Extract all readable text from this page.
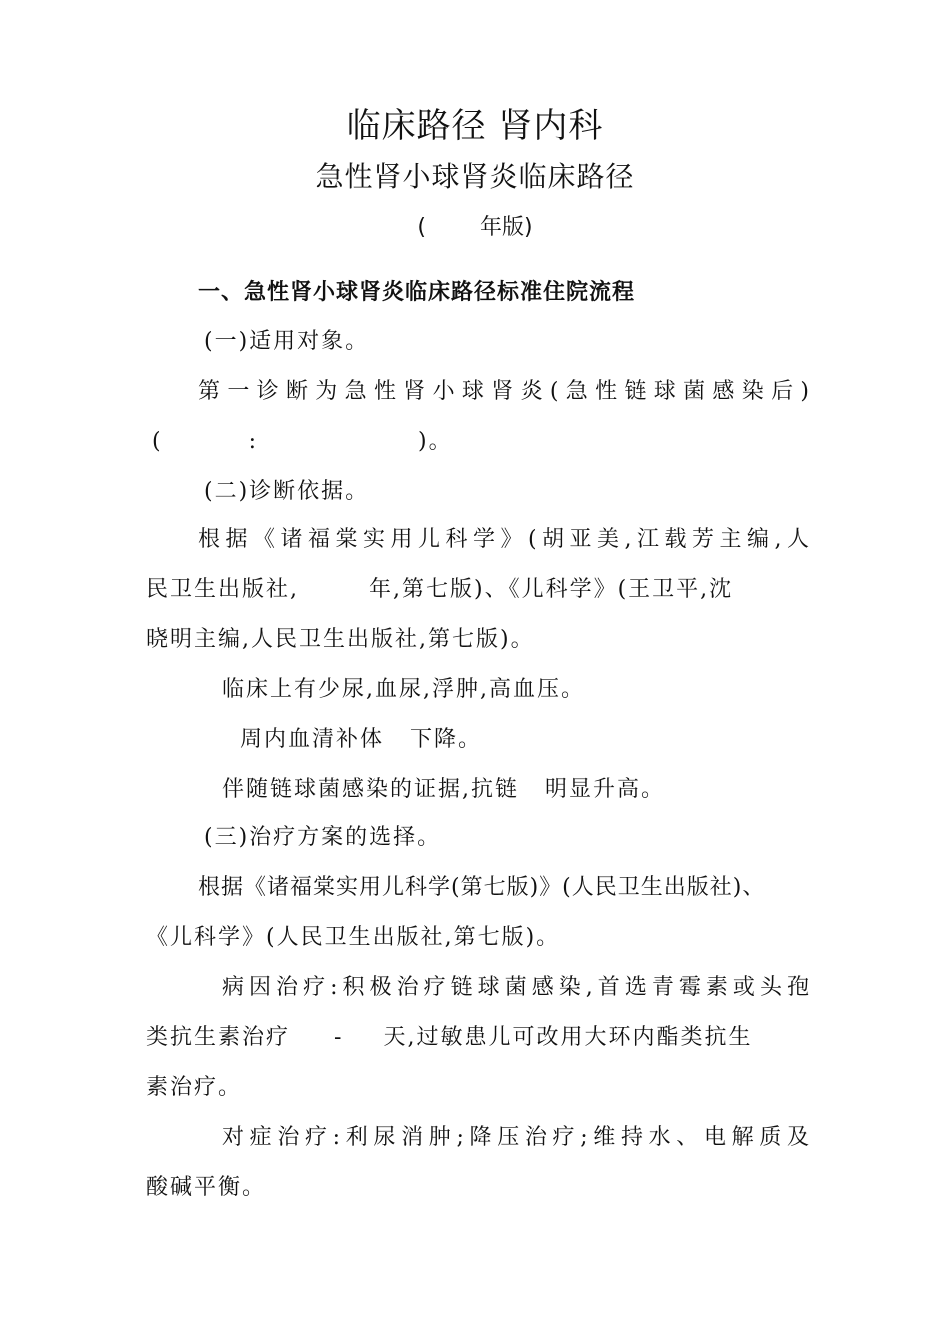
临床路径 肾内科
急性肾小球肾炎临床路径
( 年版)
一、急性肾小球肾炎临床路径标准住院流程
(一)适用对象。
第一诊断为急性肾小球肾炎(急性链球菌感染后)
(	:	)。
(二)诊断依据。
根据《诸福棠实用儿科学》(胡亚美,江载芳主编,人
民卫生出版社,	年,第七版)、《儿科学》(王卫平,沈
晓明主编,人民卫生出版社,第七版)。
临床上有少尿,血尿,浮肿,高血压。
周内血清补体 下降。
伴随链球菌感染的证据,抗链 明显升高。
(三)治疗方案的选择。
根据《诸福棠实用儿科学(第七版)》(人民卫生出版社)、
《儿科学》(人民卫生出版社,第七版)。
病因治疗:积极治疗链球菌感染,首选青霉素或头孢
类抗生素治疗 - 天,过敏患儿可改用大环内酯类抗生
素治疗。
对症治疗:利尿消肿;降压治疗;维持水、电解质及
酸碱平衡。
